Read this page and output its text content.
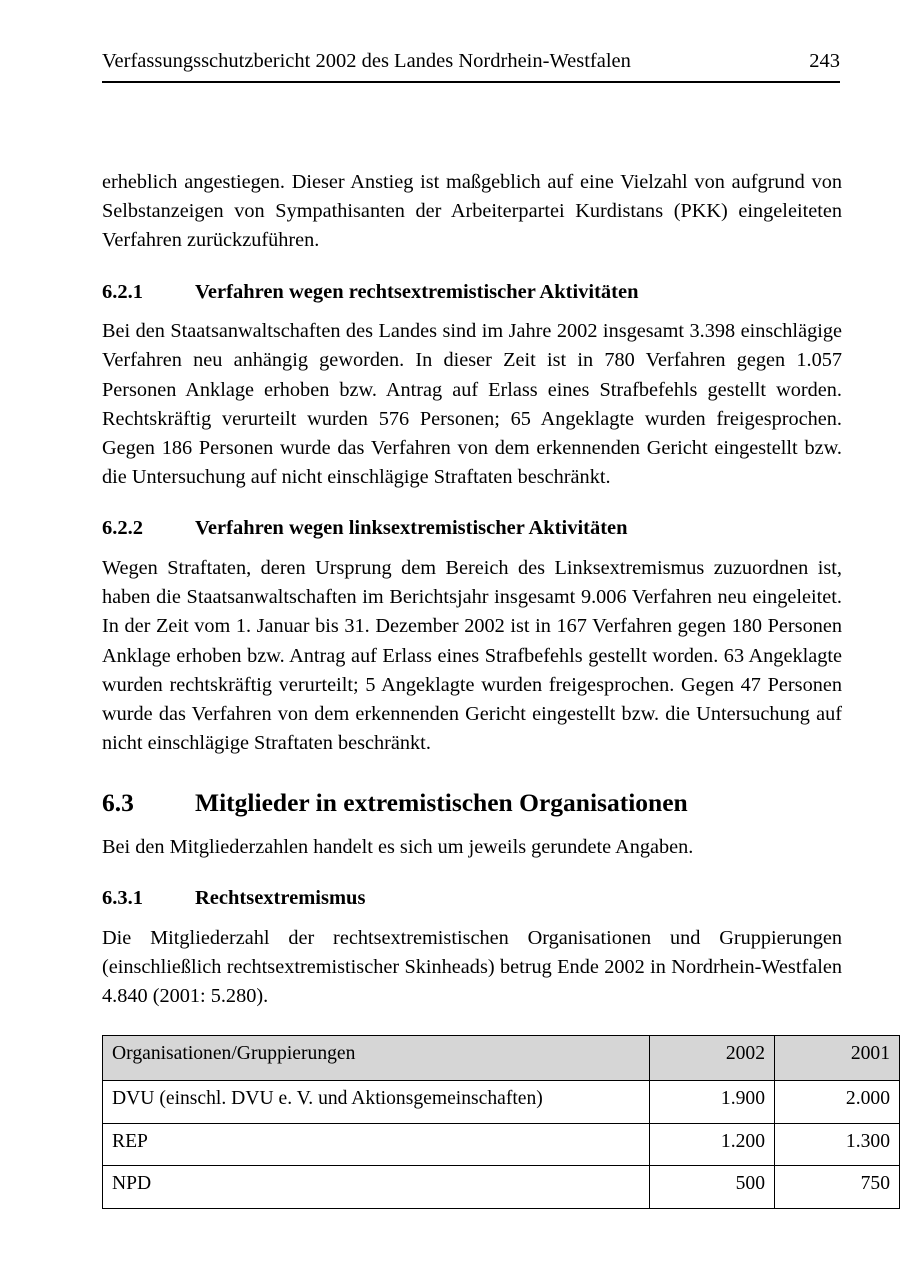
Verfassungsschutzbericht 2002 des Landes Nordrhein-Westfalen	243

erheblich angestiegen. Dieser Anstieg ist maßgeblich auf eine Vielzahl von aufgrund von Selbstanzeigen von Sympathisanten der Arbeiterpartei Kurdistans (PKK) eingeleiteten Verfahren zurückzuführen.

6.2.1	Verfahren wegen rechtsextremistischer Aktivitäten

Bei den Staatsanwaltschaften des Landes sind im Jahre 2002 insgesamt 3.398 einschlägige Verfahren neu anhängig geworden. In dieser Zeit ist in 780 Verfahren gegen 1.057 Personen Anklage erhoben bzw. Antrag auf Erlass eines Strafbefehls gestellt worden. Rechtskräftig verurteilt wurden 576 Personen; 65 Angeklagte wurden freigesprochen. Gegen 186 Personen wurde das Verfahren von dem erkennenden Gericht eingestellt bzw. die Untersuchung auf nicht einschlägige Straftaten beschränkt.

6.2.2	Verfahren wegen linksextremistischer Aktivitäten

Wegen Straftaten, deren Ursprung dem Bereich des Linksextremismus zuzuordnen ist, haben die Staatsanwaltschaften im Berichtsjahr insgesamt 9.006 Verfahren neu eingeleitet. In der Zeit vom 1. Januar bis 31. Dezember 2002 ist in 167 Verfahren gegen 180 Personen Anklage erhoben bzw. Antrag auf Erlass eines Strafbefehls gestellt worden. 63 Angeklagte wurden rechtskräftig verurteilt; 5 Angeklagte wurden freigesprochen. Gegen 47 Personen wurde das Verfahren von dem erkennenden Gericht eingestellt bzw. die Untersuchung auf nicht einschlägige Straftaten beschränkt.

6.3	Mitglieder in extremistischen Organisationen

Bei den Mitgliederzahlen handelt es sich um jeweils gerundete Angaben.

6.3.1	Rechtsextremismus

Die Mitgliederzahl der rechtsextremistischen Organisationen und Gruppierungen (einschließlich rechtsextremistischer Skinheads) betrug Ende 2002 in Nordrhein-Westfalen 4.840 (2001: 5.280).

Organisationen/Gruppierungen	2002	2001
DVU (einschl. DVU e. V. und Aktionsgemeinschaften)	1.900	2.000
REP	1.200	1.300
NPD	500	750
